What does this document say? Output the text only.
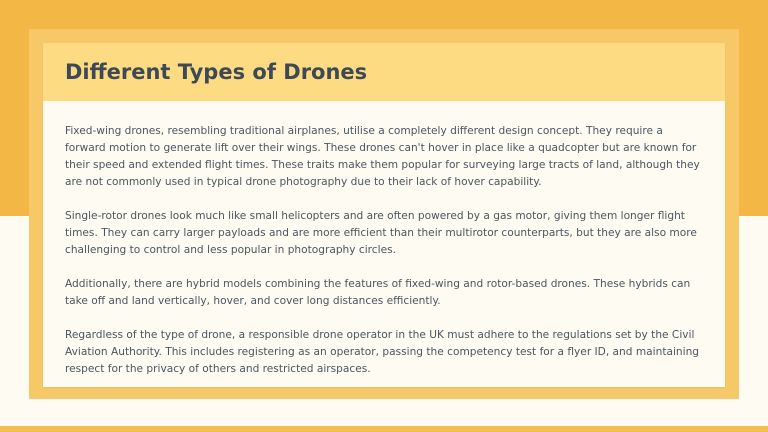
Different Types of Drones

Fixed-wing drones, resembling traditional airplanes, utilise a completely different design concept. They require a forward motion to generate lift over their wings. These drones can't hover in place like a quadcopter but are known for their speed and extended flight times. These traits make them popular for surveying large tracts of land, although they are not commonly used in typical drone photography due to their lack of hover capability.

Single-rotor drones look much like small helicopters and are often powered by a gas motor, giving them longer flight times. They can carry larger payloads and are more efficient than their multirotor counterparts, but they are also more challenging to control and less popular in photography circles.

Additionally, there are hybrid models combining the features of fixed-wing and rotor-based drones. These hybrids can take off and land vertically, hover, and cover long distances efficiently.

Regardless of the type of drone, a responsible drone operator in the UK must adhere to the regulations set by the Civil Aviation Authority. This includes registering as an operator, passing the competency test for a flyer ID, and maintaining respect for the privacy of others and restricted airspaces.
